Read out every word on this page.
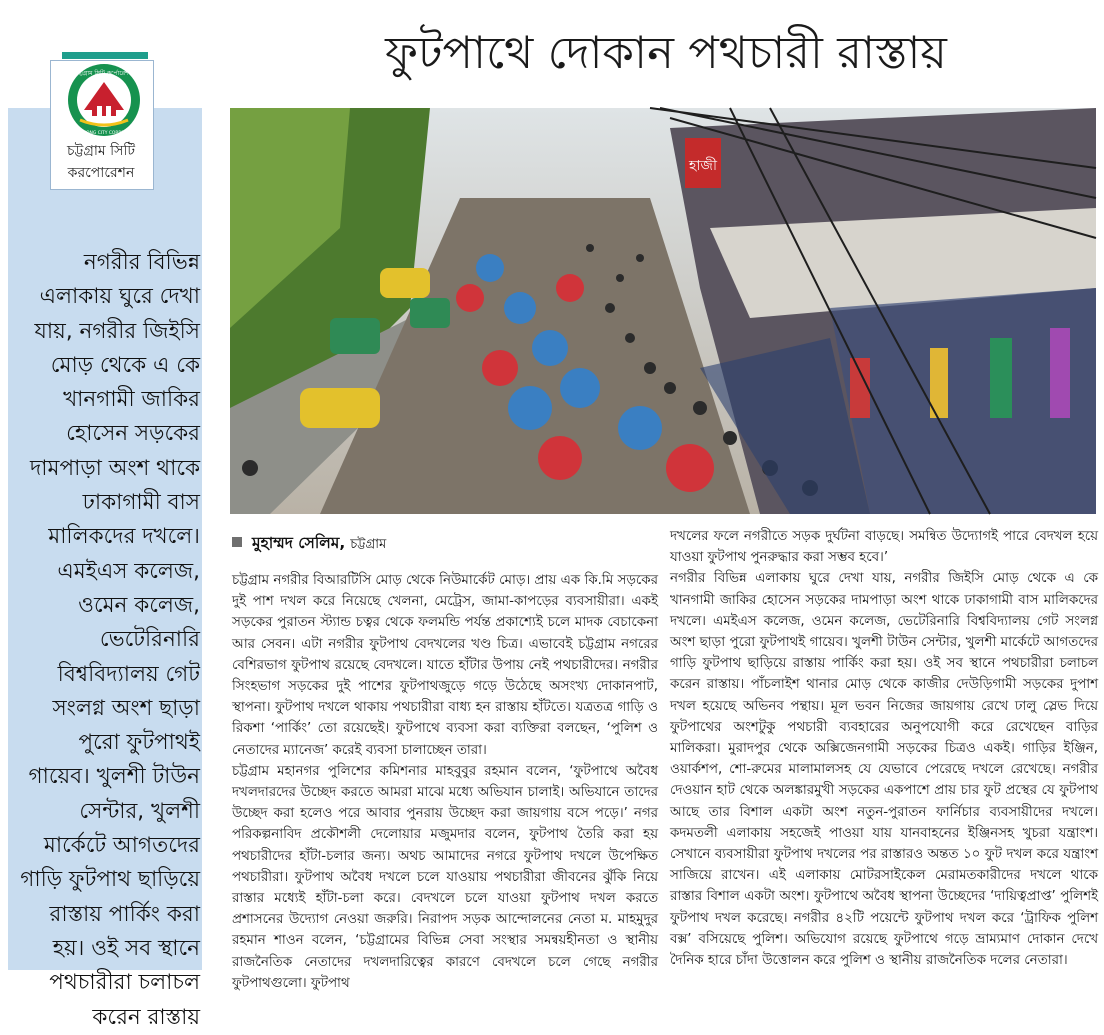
চট্টগ্রাম সিটি কর্পোরেশন
CHITTAGONG CITY CORPORATION
চট্টগ্রাম সিটি করপোরেশন
নগরীর বিভিন্ন এলাকায় ঘুরে দেখা যায়, নগরীর জিইসি মোড় থেকে এ কে খানগামী জাকির হোসেন সড়কের দামপাড়া অংশ থাকে ঢাকাগামী বাস মালিকদের দখলে। এমইএস কলেজ, ওমেন কলেজ, ভেটেরিনারি বিশ্ববিদ্যালয় গেট সংলগ্ন অংশ ছাড়া পুরো ফুটপাথই গায়েব। খুলশী টাউন সেন্টার, খুলশী মার্কেটে আগতদের গাড়ি ফুটপাথ ছাড়িয়ে রাস্তায় পার্কিং করা হয়। ওই সব স্থানে পথচারীরা চলাচল করেন রাস্তায়
ফুটপাথে দোকান পথচারী রাস্তায়
হাজী
মুহাম্মদ সেলিম, চট্টগ্রাম

চট্টগ্রাম নগরীর বিআরটিসি মোড় থেকে নিউমার্কেট মোড়। প্রায় এক কি.মি সড়কের দুই পাশ দখল করে নিয়েছে খেলনা, মেট্রেস, জামা-কাপড়ের ব্যবসায়ীরা। একই সড়কের পুরাতন স্ট্যান্ড চত্বর থেকে ফলমন্ডি পর্যন্ত প্রকাশ্যেই চলে মাদক বেচাকেনা আর সেবন। এটা নগরীর ফুটপাথ বেদখলের খণ্ড চিত্র। এভাবেই চট্টগ্রাম নগরের বেশিরভাগ ফুটপাথ রয়েছে বেদখলে। যাতে হাঁটার উপায় নেই পথচারীদের। নগরীর সিংহভাগ সড়কের দুই পাশের ফুটপাথজুড়ে গড়ে উঠেছে অসংখ্য দোকানপাট, স্থাপনা। ফুটপাথ দখলে থাকায় পথচারীরা বাধ্য হন রাস্তায় হাঁটতে। যত্রতত্র গাড়ি ও রিকশা ‘পার্কিং’ তো রয়েছেই। ফুটপাথে ব্যবসা করা ব্যক্তিরা বলছেন, ‘পুলিশ ও নেতাদের ম্যানেজ’ করেই ব্যবসা চালাচ্ছেন তারা।

চট্টগ্রাম মহানগর পুলিশের কমিশনার মাহবুবুর রহমান বলেন, ‘ফুটপাথে অবৈধ দখলদারদের উচ্ছেদ করতে আমরা মাঝে মধ্যে অভিযান চালাই। অভিযানে তাদের উচ্ছেদ করা হলেও পরে আবার পুনরায় উচ্ছেদ করা জায়গায় বসে পড়ে।’ নগর পরিকল্পনাবিদ প্রকৌশলী দেলোয়ার মজুমদার বলেন, ফুটপাথ তৈরি করা হয় পথচারীদের হাঁটা-চলার জন্য। অথচ আমাদের নগরে ফুটপাথ দখলে উপেক্ষিত পথচারীরা। ফুটপাথ অবৈধ দখলে চলে যাওয়ায় পথচারীরা জীবনের ঝুঁকি নিয়ে রাস্তার মধ্যেই হাঁটা-চলা করে। বেদখলে চলে যাওয়া ফুটপাথ দখল করতে প্রশাসনের উদ্যোগ নেওয়া জরুরি। নিরাপদ সড়ক আন্দোলনের নেতা ম. মাহমুদুর রহমান শাওন বলেন, ‘চট্টগ্রামের বিভিন্ন সেবা সংস্থার সমন্বয়হীনতা ও স্থানীয় রাজনৈতিক নেতাদের দখলদারিত্বের কারণে বেদখলে চলে গেছে নগরীর ফুটপাথগুলো। ফুটপাথ

দখলের ফলে নগরীতে সড়ক দুর্ঘটনা বাড়ছে। সমন্বিত উদ্যোগই পারে বেদখল হয়ে যাওয়া ফুটপাথ পুনরুদ্ধার করা সম্ভব হবে।’

নগরীর বিভিন্ন এলাকায় ঘুরে দেখা যায়, নগরীর জিইসি মোড় থেকে এ কে খানগামী জাকির হোসেন সড়কের দামপাড়া অংশ থাকে ঢাকাগামী বাস মালিকদের দখলে। এমইএস কলেজ, ওমেন কলেজ, ভেটেরিনারি বিশ্ববিদ্যালয় গেট সংলগ্ন অংশ ছাড়া পুরো ফুটপাথই গায়েব। খুলশী টাউন সেন্টার, খুলশী মার্কেটে আগতদের গাড়ি ফুটপাথ ছাড়িয়ে রাস্তায় পার্কিং করা হয়। ওই সব স্থানে পথচারীরা চলাচল করেন রাস্তায়। পাঁচলাইশ থানার মোড় থেকে কাজীর দেউড়িগামী সড়কের দুপাশ দখল হয়েছে অভিনব পন্থায়। মূল ভবন নিজের জায়গায় রেখে ঢালু স্লেভ দিয়ে ফুটপাথের অংশটুকু পথচারী ব্যবহারের অনুপযোগী করে রেখেছেন বাড়ির মালিকরা। মুরাদপুর থেকে অক্সিজেনগামী সড়কের চিত্রও একই। গাড়ির ইঞ্জিন, ওয়ার্কশপ, শো-রুমের মালামালসহ যে যেভাবে পেরেছে দখলে রেখেছে। নগরীর দেওয়ান হাট থেকে অলঙ্কারমুখী সড়কের একপাশে প্রায় চার ফুট প্রস্থের যে ফুটপাথ আছে তার বিশাল একটা অংশ নতুন-পুরাতন ফার্নিচার ব্যবসায়ীদের দখলে। কদমতলী এলাকায় সহজেই পাওয়া যায় যানবাহনের ইঞ্জিনসহ খুচরা যন্ত্রাংশ। সেখানে ব্যবসায়ীরা ফুটপাথ দখলের পর রাস্তারও অন্তত ১০ ফুট দখল করে যন্ত্রাংশ সাজিয়ে রাখেন। এই এলাকায় মোটরসাইকেল মেরামতকারীদের দখলে থাকে রাস্তার বিশাল একটা অংশ। ফুটপাথে অবৈধ স্থাপনা উচ্ছেদের ‘দায়িত্বপ্রাপ্ত’ পুলিশই ফুটপাথ দখল করেছে। নগরীর ৪২টি পয়েন্টে ফুটপাথ দখল করে ‘ট্রাফিক পুলিশ বক্স’ বসিয়েছে পুলিশ। অভিযোগ রয়েছে ফুটপাথে গড়ে ভ্রাম্যমাণ দোকান দেখে দৈনিক হারে চাঁদা উত্তোলন করে পুলিশ ও স্থানীয় রাজনৈতিক দলের নেতারা।
